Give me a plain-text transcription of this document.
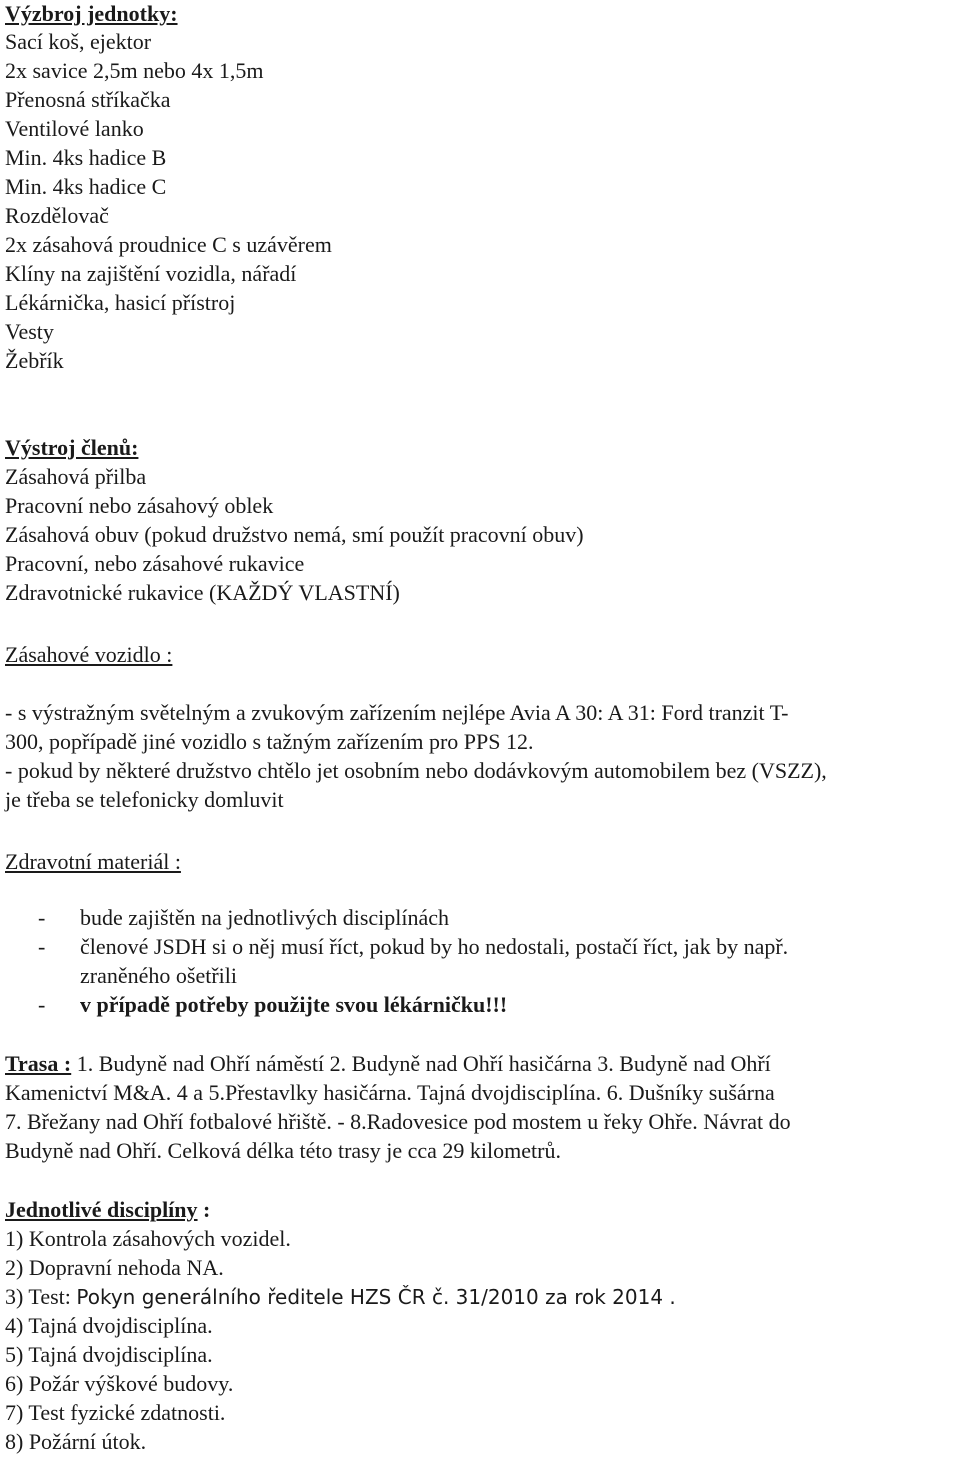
Výzbroj jednotky:
Sací koš, ejektor
2x savice 2,5m nebo 4x 1,5m
Přenosná stříkačka
Ventilové lanko
Min. 4ks hadice B
Min. 4ks hadice C
Rozdělovač
2x zásahová proudnice C s uzávěrem
Klíny na zajištění vozidla, nářadí
Lékárnička, hasicí přístroj
Vesty
Žebřík
Výstroj členů:
Zásahová přilba
Pracovní nebo zásahový oblek
Zásahová obuv (pokud družstvo nemá, smí použít pracovní obuv)
Pracovní, nebo zásahové rukavice
Zdravotnické rukavice (KAŽDÝ VLASTNÍ)
Zásahové vozidlo :
- s výstražným světelným a zvukovým zařízením nejlépe Avia A 30: A 31: Ford tranzit T-
300, popřípadě jiné vozidlo s tažným zařízením pro PPS 12.
- pokud by některé družstvo chtělo jet osobním nebo dodávkovým automobilem bez (VSZZ),
je třeba se telefonicky domluvit
Zdravotní materiál :
- bude zajištěn na jednotlivých disciplínách
- členové JSDH si o něj musí říct, pokud by ho nedostali, postačí říct, jak by např.
zraněného ošetřili
- v případě potřeby použijte svou lékárničku!!!
Trasa : 1. Budyně nad Ohří náměstí 2. Budyně nad Ohří hasičárna 3. Budyně nad Ohří
Kamenictví M&A. 4 a 5.Přestavlky hasičárna. Tajná dvojdisciplína. 6. Dušníky sušárna
7. Břežany nad Ohří fotbalové hřiště. - 8.Radovesice pod mostem u řeky Ohře. Návrat do
Budyně nad Ohří. Celková délka této trasy je cca 29 kilometrů.
Jednotlivé disciplíny :
1) Kontrola zásahových vozidel.
2) Dopravní nehoda NA.
3) Test: Pokyn generálního ředitele HZS ČR č. 31/2010 za rok 2014 .
4) Tajná dvojdisciplína.
5) Tajná dvojdisciplína.
6) Požár výškové budovy.
7) Test fyzické zdatnosti.
8) Požární útok.
